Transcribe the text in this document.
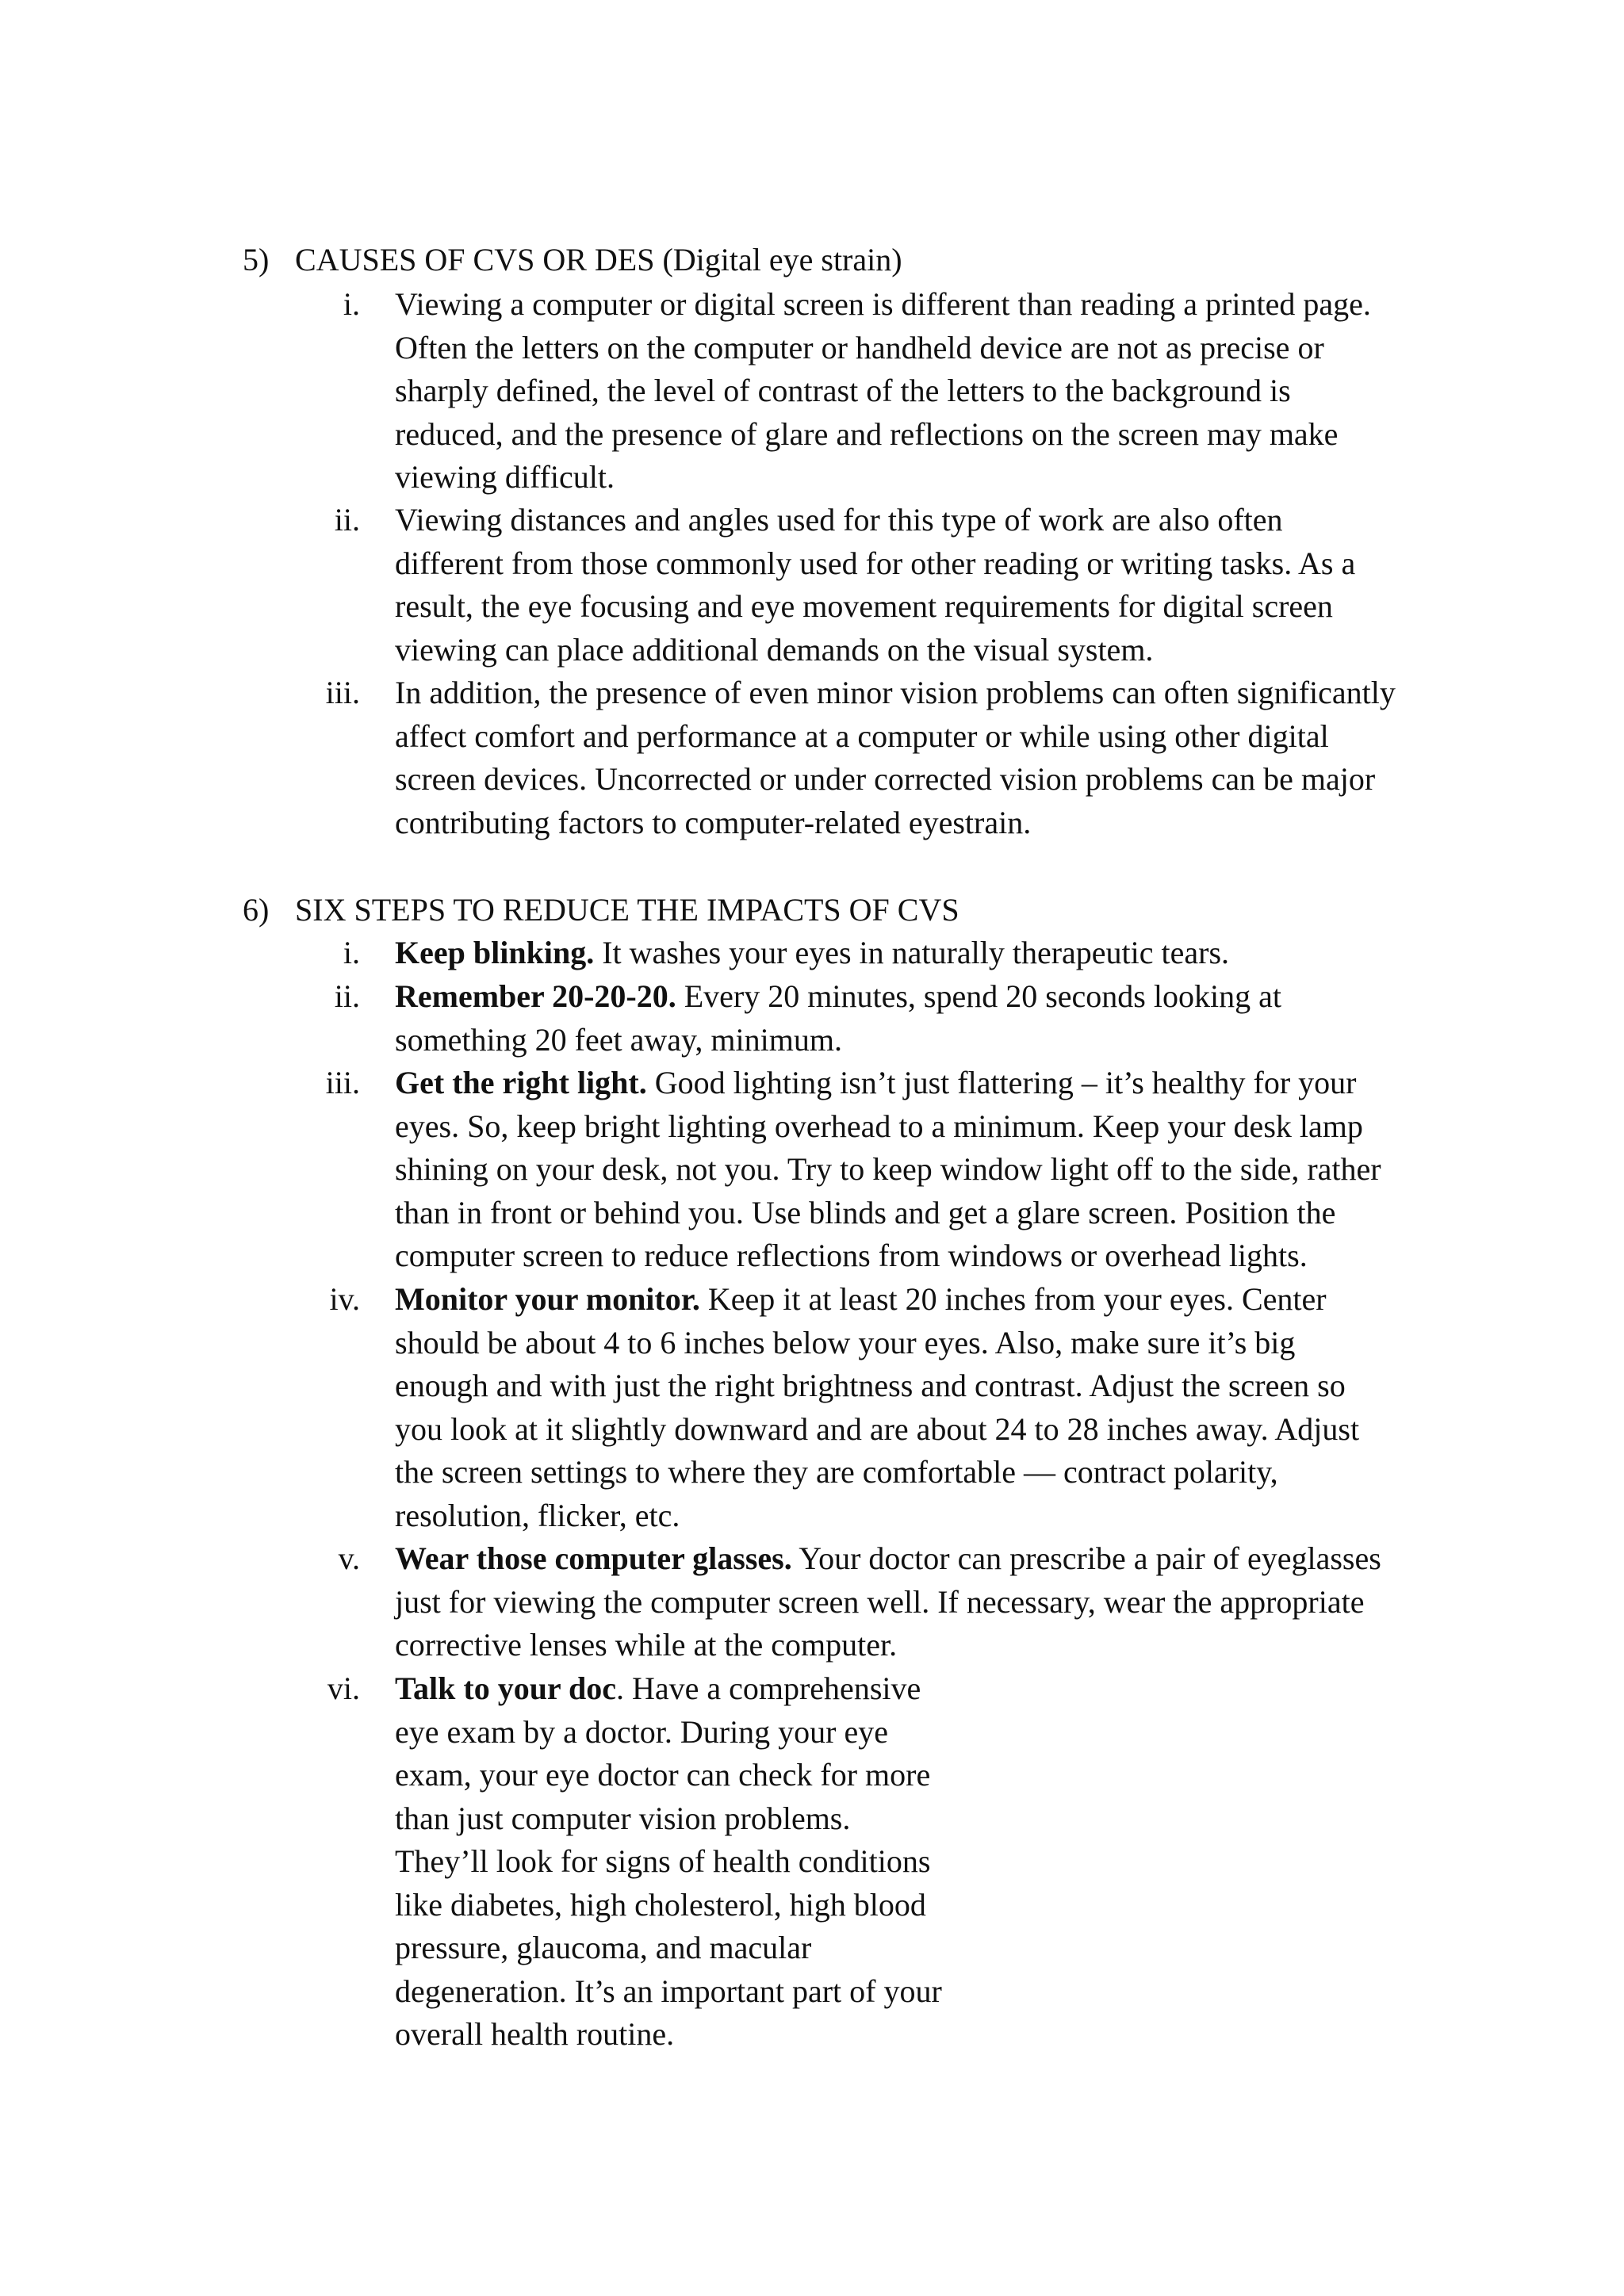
5) CAUSES OF CVS OR DES (Digital eye strain)
i. Viewing a computer or digital screen is different than reading a printed page.

Often the letters on the computer or handheld device are not as precise or

sharply defined, the level of contrast of the letters to the background is

reduced, and the presence of glare and reflections on the screen may make

viewing difficult.

ii. Viewing distances and angles used for this type of work are also often

different from those commonly used for other reading or writing tasks. As a

result, the eye focusing and eye movement requirements for digital screen

viewing can place additional demands on the visual system.

iii. In addition, the presence of even minor vision problems can often significantly

affect comfort and performance at a computer or while using other digital

screen devices. Uncorrected or under corrected vision problems can be major

contributing factors to computer-related eyestrain.

6) SIX STEPS TO REDUCE THE IMPACTS OF CVS
i. Keep blinking. It washes your eyes in naturally therapeutic tears.

ii. Remember 20-20-20. Every 20 minutes, spend 20 seconds looking at

something 20 feet away, minimum.

iii. Get the right light. Good lighting isn’t just flattering – it’s healthy for your

eyes. So, keep bright lighting overhead to a minimum. Keep your desk lamp

shining on your desk, not you. Try to keep window light off to the side, rather

than in front or behind you. Use blinds and get a glare screen. Position the

computer screen to reduce reflections from windows or overhead lights.

iv. Monitor your monitor. Keep it at least 20 inches from your eyes. Center

should be about 4 to 6 inches below your eyes. Also, make sure it’s big

enough and with just the right brightness and contrast. Adjust the screen so

you look at it slightly downward and are about 24 to 28 inches away. Adjust

the screen settings to where they are comfortable — contract polarity,

resolution, flicker, etc.

v. Wear those computer glasses. Your doctor can prescribe a pair of eyeglasses

just for viewing the computer screen well. If necessary, wear the appropriate

corrective lenses while at the computer.

vi. Talk to your doc. Have a comprehensive

eye exam by a doctor. During your eye

exam, your eye doctor can check for more

than just computer vision problems.

They’ll look for signs of health conditions

like diabetes, high cholesterol, high blood

pressure, glaucoma, and macular

degeneration. It’s an important part of your

overall health routine.
